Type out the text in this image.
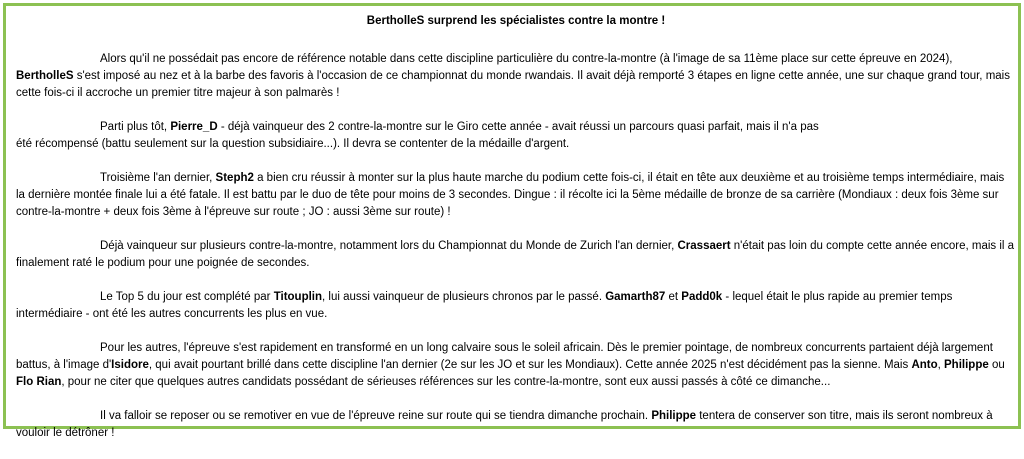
BertholleS surprend les spécialistes contre la montre !

Alors qu'il ne possédait pas encore de référence notable dans cette discipline particulière du contre-la-montre (à l'image de sa 11ème place sur cette épreuve en 2024),
BertholleS s'est imposé au nez et à la barbe des favoris à l'occasion de ce championnat du monde rwandais. Il avait déjà remporté 3 étapes en ligne cette année, une sur chaque grand tour, mais cette fois-ci il accroche un premier titre majeur à son palmarès !

Parti plus tôt, Pierre_D - déjà vainqueur des 2 contre-la-montre sur le Giro cette année - avait réussi un parcours quasi parfait, mais il n'a pas
été récompensé (battu seulement sur la question subsidiaire...). Il devra se contenter de la médaille d'argent.

Troisième l'an dernier, Steph2 a bien cru réussir à monter sur la plus haute marche du podium cette fois-ci, il était en tête aux deuxième et au troisième temps intermédiaire, mais la dernière montée finale lui a été fatale. Il est battu par le duo de tête pour moins de 3 secondes. Dingue : il récolte ici la 5ème médaille de bronze de sa carrière (Mondiaux : deux fois 3ème sur contre-la-montre + deux fois 3ème à l'épreuve sur route ; JO : aussi 3ème sur route) !

Déjà vainqueur sur plusieurs contre-la-montre, notamment lors du Championnat du Monde de Zurich l'an dernier, Crassaert n'était pas loin du compte cette année encore, mais il a finalement raté le podium pour une poignée de secondes.

Le Top 5 du jour est complété par Titouplin, lui aussi vainqueur de plusieurs chronos par le passé. Gamarth87 et Padd0k - lequel était le plus rapide au premier temps intermédiaire - ont été les autres concurrents les plus en vue.

Pour les autres, l'épreuve s'est rapidement en transformé en un long calvaire sous le soleil africain. Dès le premier pointage, de nombreux concurrents partaient déjà largement battus, à l'image d'Isidore, qui avait pourtant brillé dans cette discipline l'an dernier (2e sur les JO et sur les Mondiaux). Cette année 2025 n'est décidément pas la sienne. Mais Anto, Philippe ou Flo Rian, pour ne citer que quelques autres candidats possédant de sérieuses références sur les contre-la-montre, sont eux aussi passés à côté ce dimanche...

Il va falloir se reposer ou se remotiver en vue de l'épreuve reine sur route qui se tiendra dimanche prochain. Philippe tentera de conserver son titre, mais ils seront nombreux à vouloir le détrôner !
